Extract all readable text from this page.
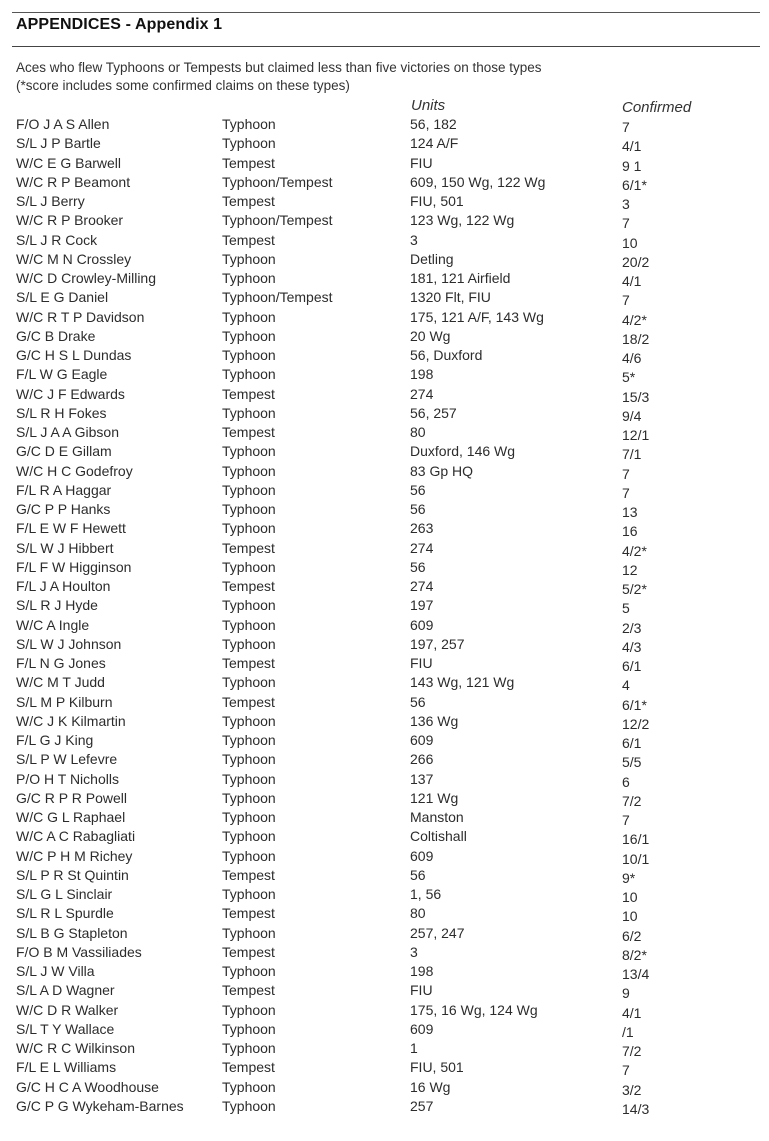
APPENDICES - Appendix 1
Aces who flew Typhoons or Tempests but claimed less than five victories on those types
(*score includes some confirmed claims on these types)
Units	Confirmed
F/O J A S Allen	Typhoon	56, 182	7
S/L J P Bartle	Typhoon	124 A/F	4/1
W/C E G Barwell	Tempest	FIU	9 1
W/C R P Beamont	Typhoon/Tempest	609, 150 Wg, 122 Wg	6/1*
S/L J Berry	Tempest	FIU, 501	3
W/C R P Brooker	Typhoon/Tempest	123 Wg, 122 Wg	7
S/L J R Cock	Tempest	3	10
W/C M N Crossley	Typhoon	Detling	20/2
W/C D Crowley-Milling	Typhoon	181, 121 Airfield	4/1
S/L E G Daniel	Typhoon/Tempest	1320 Flt, FIU	7
W/C R T P Davidson	Typhoon	175, 121 A/F, 143 Wg	4/2*
G/C B Drake	Typhoon	20 Wg	18/2
G/C H S L Dundas	Typhoon	56, Duxford	4/6
F/L W G Eagle	Typhoon	198	5*
W/C J F Edwards	Tempest	274	15/3
S/L R H Fokes	Typhoon	56, 257	9/4
S/L J A A Gibson	Tempest	80	12/1
G/C D E Gillam	Typhoon	Duxford, 146 Wg	7/1
W/C H C Godefroy	Typhoon	83 Gp HQ	7
F/L R A Haggar	Typhoon	56	7
G/C P P Hanks	Typhoon	56	13
F/L E W F Hewett	Typhoon	263	16
S/L W J Hibbert	Tempest	274	4/2*
F/L F W Higginson	Typhoon	56	12
F/L J A Houlton	Tempest	274	5/2*
S/L R J Hyde	Typhoon	197	5
W/C A Ingle	Typhoon	609	2/3
S/L W J Johnson	Typhoon	197, 257	4/3
F/L N G Jones	Tempest	FIU	6/1
W/C M T Judd	Typhoon	143 Wg, 121 Wg	4
S/L M P Kilburn	Tempest	56	6/1*
W/C J K Kilmartin	Typhoon	136 Wg	12/2
F/L G J King	Typhoon	609	6/1
S/L P W Lefevre	Typhoon	266	5/5
P/O H T Nicholls	Typhoon	137	6
G/C R P R Powell	Typhoon	121 Wg	7/2
W/C G L Raphael	Typhoon	Manston	7
W/C A C Rabagliati	Typhoon	Coltishall	16/1
W/C P H M Richey	Typhoon	609	10/1
S/L P R St Quintin	Tempest	56	9*
S/L G L Sinclair	Typhoon	1, 56	10
S/L R L Spurdle	Tempest	80	10
S/L B G Stapleton	Typhoon	257, 247	6/2
F/O B M Vassiliades	Tempest	3	8/2*
S/L J W Villa	Typhoon	198	13/4
S/L A D Wagner	Tempest	FIU	9
W/C D R Walker	Typhoon	175, 16 Wg, 124 Wg	4/1
S/L T Y Wallace	Typhoon	609	/1
W/C R C Wilkinson	Typhoon	1	7/2
F/L E L Williams	Tempest	FIU, 501	7
G/C H C A Woodhouse	Typhoon	16 Wg	3/2
G/C P G Wykeham-Barnes	Typhoon	257	14/3
